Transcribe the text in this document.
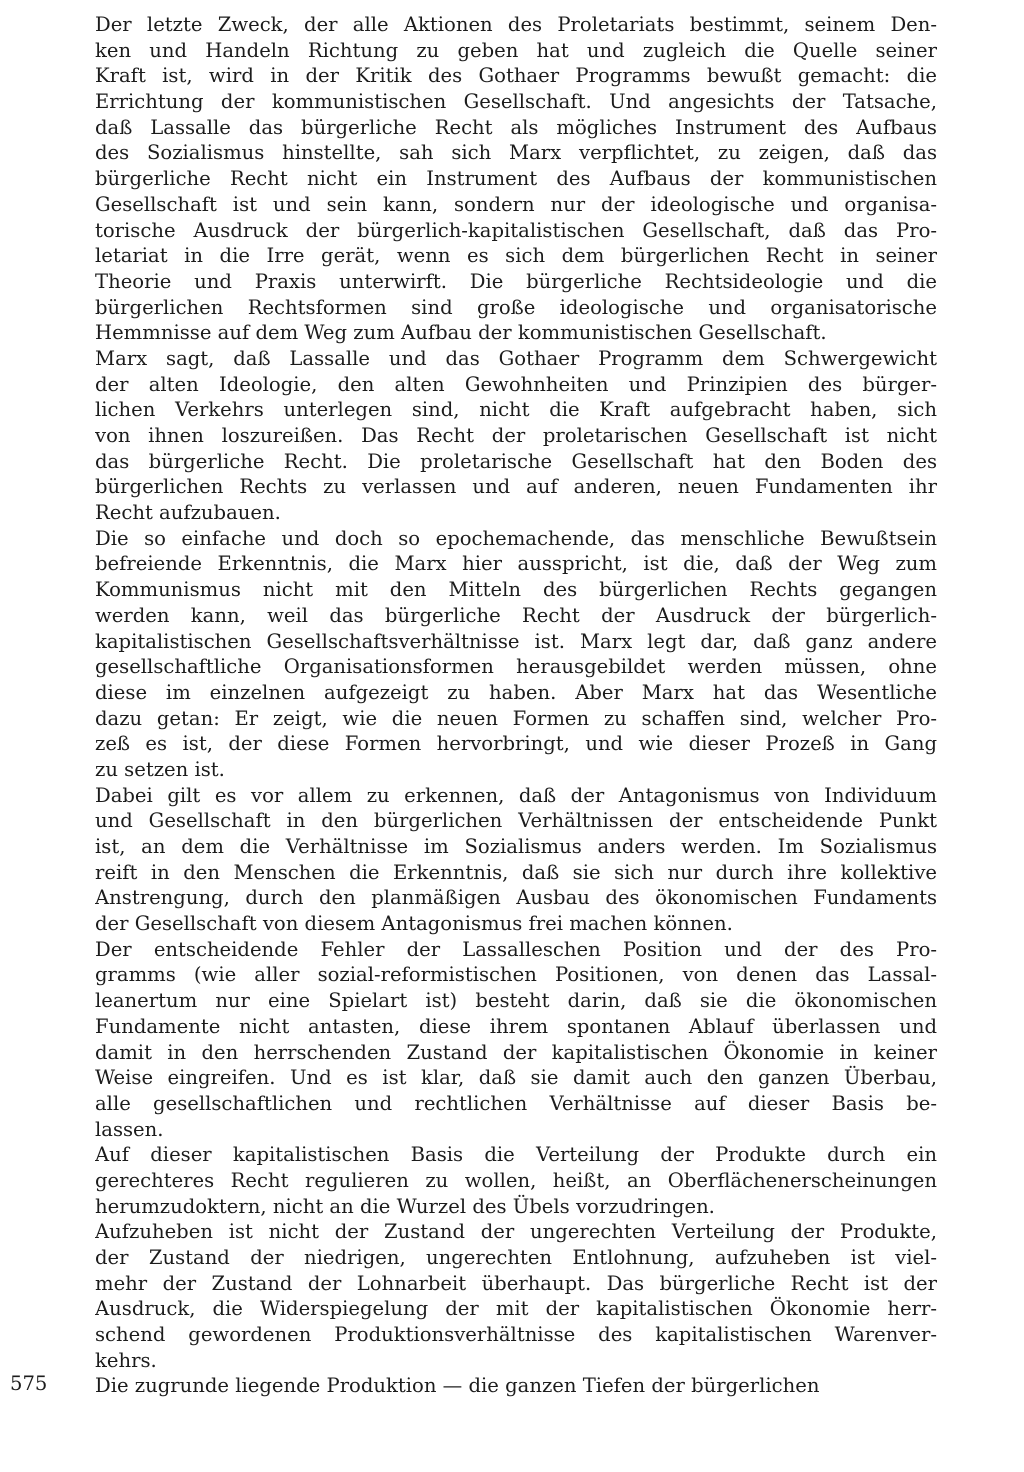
575

Der letzte Zweck, der alle Aktionen des Proletariats bestimmt, seinem Den-
ken und Handeln Richtung zu geben hat und zugleich die Quelle seiner
Kraft ist, wird in der Kritik des Gothaer Programms bewußt gemacht: die
Errichtung der kommunistischen Gesellschaft. Und angesichts der Tatsache,
daß Lassalle das bürgerliche Recht als mögliches Instrument des Aufbaus
des Sozialismus hinstellte, sah sich Marx verpflichtet, zu zeigen, daß das
bürgerliche Recht nicht ein Instrument des Aufbaus der kommunistischen
Gesellschaft ist und sein kann, sondern nur der ideologische und organisa-
torische Ausdruck der bürgerlich-kapitalistischen Gesellschaft, daß das Pro-
letariat in die Irre gerät, wenn es sich dem bürgerlichen Recht in seiner
Theorie und Praxis unterwirft. Die bürgerliche Rechtsideologie und die
bürgerlichen Rechtsformen sind große ideologische und organisatorische
Hemmnisse auf dem Weg zum Aufbau der kommunistischen Gesellschaft.

Marx sagt, daß Lassalle und das Gothaer Programm dem Schwergewicht
der alten Ideologie, den alten Gewohnheiten und Prinzipien des bürger-
lichen Verkehrs unterlegen sind, nicht die Kraft aufgebracht haben, sich
von ihnen loszureißen. Das Recht der proletarischen Gesellschaft ist nicht
das bürgerliche Recht. Die proletarische Gesellschaft hat den Boden des
bürgerlichen Rechts zu verlassen und auf anderen, neuen Fundamenten ihr
Recht aufzubauen.

Die so einfache und doch so epochemachende, das menschliche Bewußtsein
befreiende Erkenntnis, die Marx hier ausspricht, ist die, daß der Weg zum
Kommunismus nicht mit den Mitteln des bürgerlichen Rechts gegangen
werden kann, weil das bürgerliche Recht der Ausdruck der bürgerlich-
kapitalistischen Gesellschaftsverhältnisse ist. Marx legt dar, daß ganz andere
gesellschaftliche Organisationsformen herausgebildet werden müssen, ohne
diese im einzelnen aufgezeigt zu haben. Aber Marx hat das Wesentliche
dazu getan: Er zeigt, wie die neuen Formen zu schaffen sind, welcher Pro-
zeß es ist, der diese Formen hervorbringt, und wie dieser Prozeß in Gang
zu setzen ist.

Dabei gilt es vor allem zu erkennen, daß der Antagonismus von Individuum
und Gesellschaft in den bürgerlichen Verhältnissen der entscheidende Punkt
ist, an dem die Verhältnisse im Sozialismus anders werden. Im Sozialismus
reift in den Menschen die Erkenntnis, daß sie sich nur durch ihre kollektive
Anstrengung, durch den planmäßigen Ausbau des ökonomischen Fundaments
der Gesellschaft von diesem Antagonismus frei machen können.

Der entscheidende Fehler der Lassalleschen Position und der des Pro-
gramms (wie aller sozial-reformistischen Positionen, von denen das Lassal-
leanertum nur eine Spielart ist) besteht darin, daß sie die ökonomischen
Fundamente nicht antasten, diese ihrem spontanen Ablauf überlassen und
damit in den herrschenden Zustand der kapitalistischen Ökonomie in keiner
Weise eingreifen. Und es ist klar, daß sie damit auch den ganzen Überbau,
alle gesellschaftlichen und rechtlichen Verhältnisse auf dieser Basis be-
lassen.

Auf dieser kapitalistischen Basis die Verteilung der Produkte durch ein
gerechteres Recht regulieren zu wollen, heißt, an Oberflächenerscheinungen
herumzudoktern, nicht an die Wurzel des Übels vorzudringen.

Aufzuheben ist nicht der Zustand der ungerechten Verteilung der Produkte,
der Zustand der niedrigen, ungerechten Entlohnung, aufzuheben ist viel-
mehr der Zustand der Lohnarbeit überhaupt. Das bürgerliche Recht ist der
Ausdruck, die Widerspiegelung der mit der kapitalistischen Ökonomie herr-
schend gewordenen Produktionsverhältnisse des kapitalistischen Warenver-
kehrs.

Die zugrunde liegende Produktion — die ganzen Tiefen der bürgerlichen
